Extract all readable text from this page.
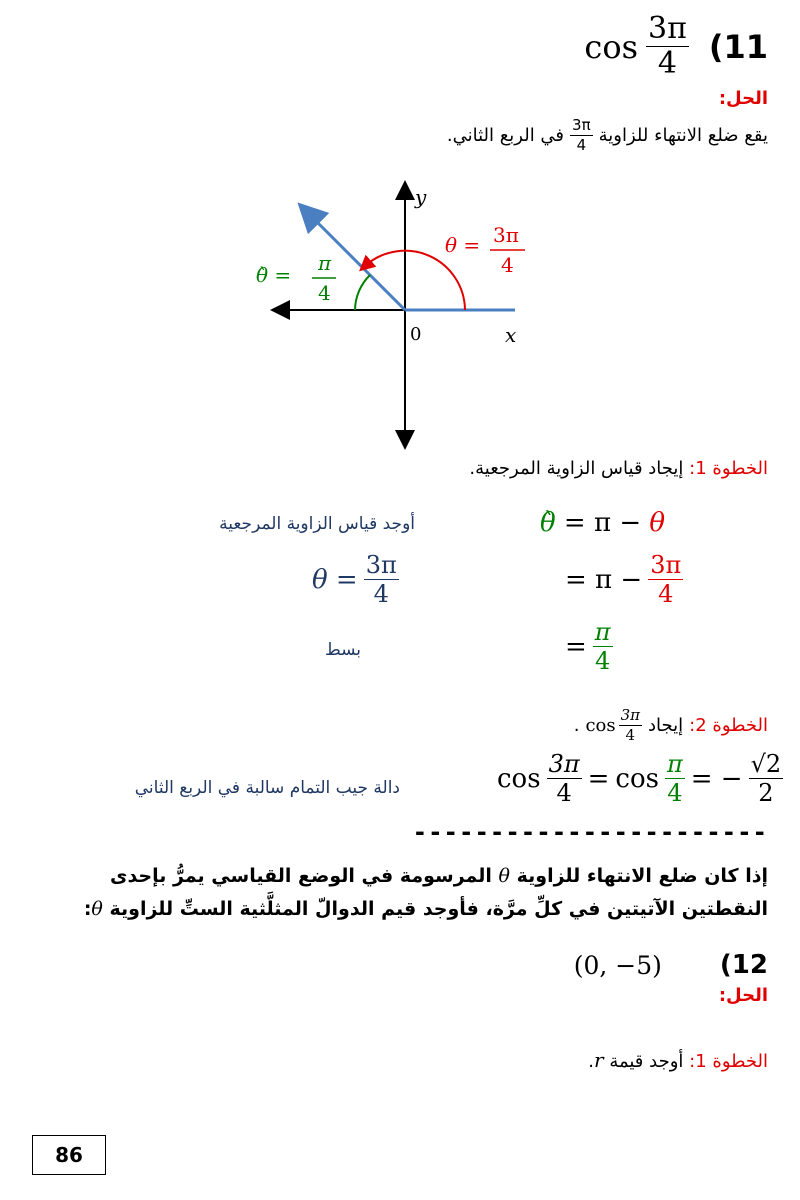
$\cos \frac{3\pi}{4} (11$
الحل:
يقع ضلع الانتهاء للزاوية
$\frac{3\pi}{4}$
في الربع الثاني.
y
x
0
θ = 3π
4
θ̀ = π
4
الخطوة 1: إيجاد قياس الزاوية المرجعية.
θ̀ = π − θ
أوجد قياس الزاوية المرجعية
= $\pi - \frac{3\pi}{4}$
$\theta = \frac{3\pi}{4}$
= $\frac{\pi}{4}$
بسط
الخطوة 2:
إيجاد
$\cos \frac{3\pi}{4}$
.
$\cos \frac{3\pi}{4} = \cos \frac{\pi}{4}$ = − $\frac{√2}{2}$
دالة جيب التمام سالبة في الربع الثاني
-----------------------
إذا كان ضلع الانتهاء للزاوية θ المرسومة في الوضع القياسي يمرُّ بإحدى
النقطتين الآتيتين في كلِّ مرَّة، فأوجد قيم الدوالّ المثلَّثية الستِّ للزاوية θ:
(0, −5) (12
الحل:
الخطوة 1: أوجد قيمة r.
86
